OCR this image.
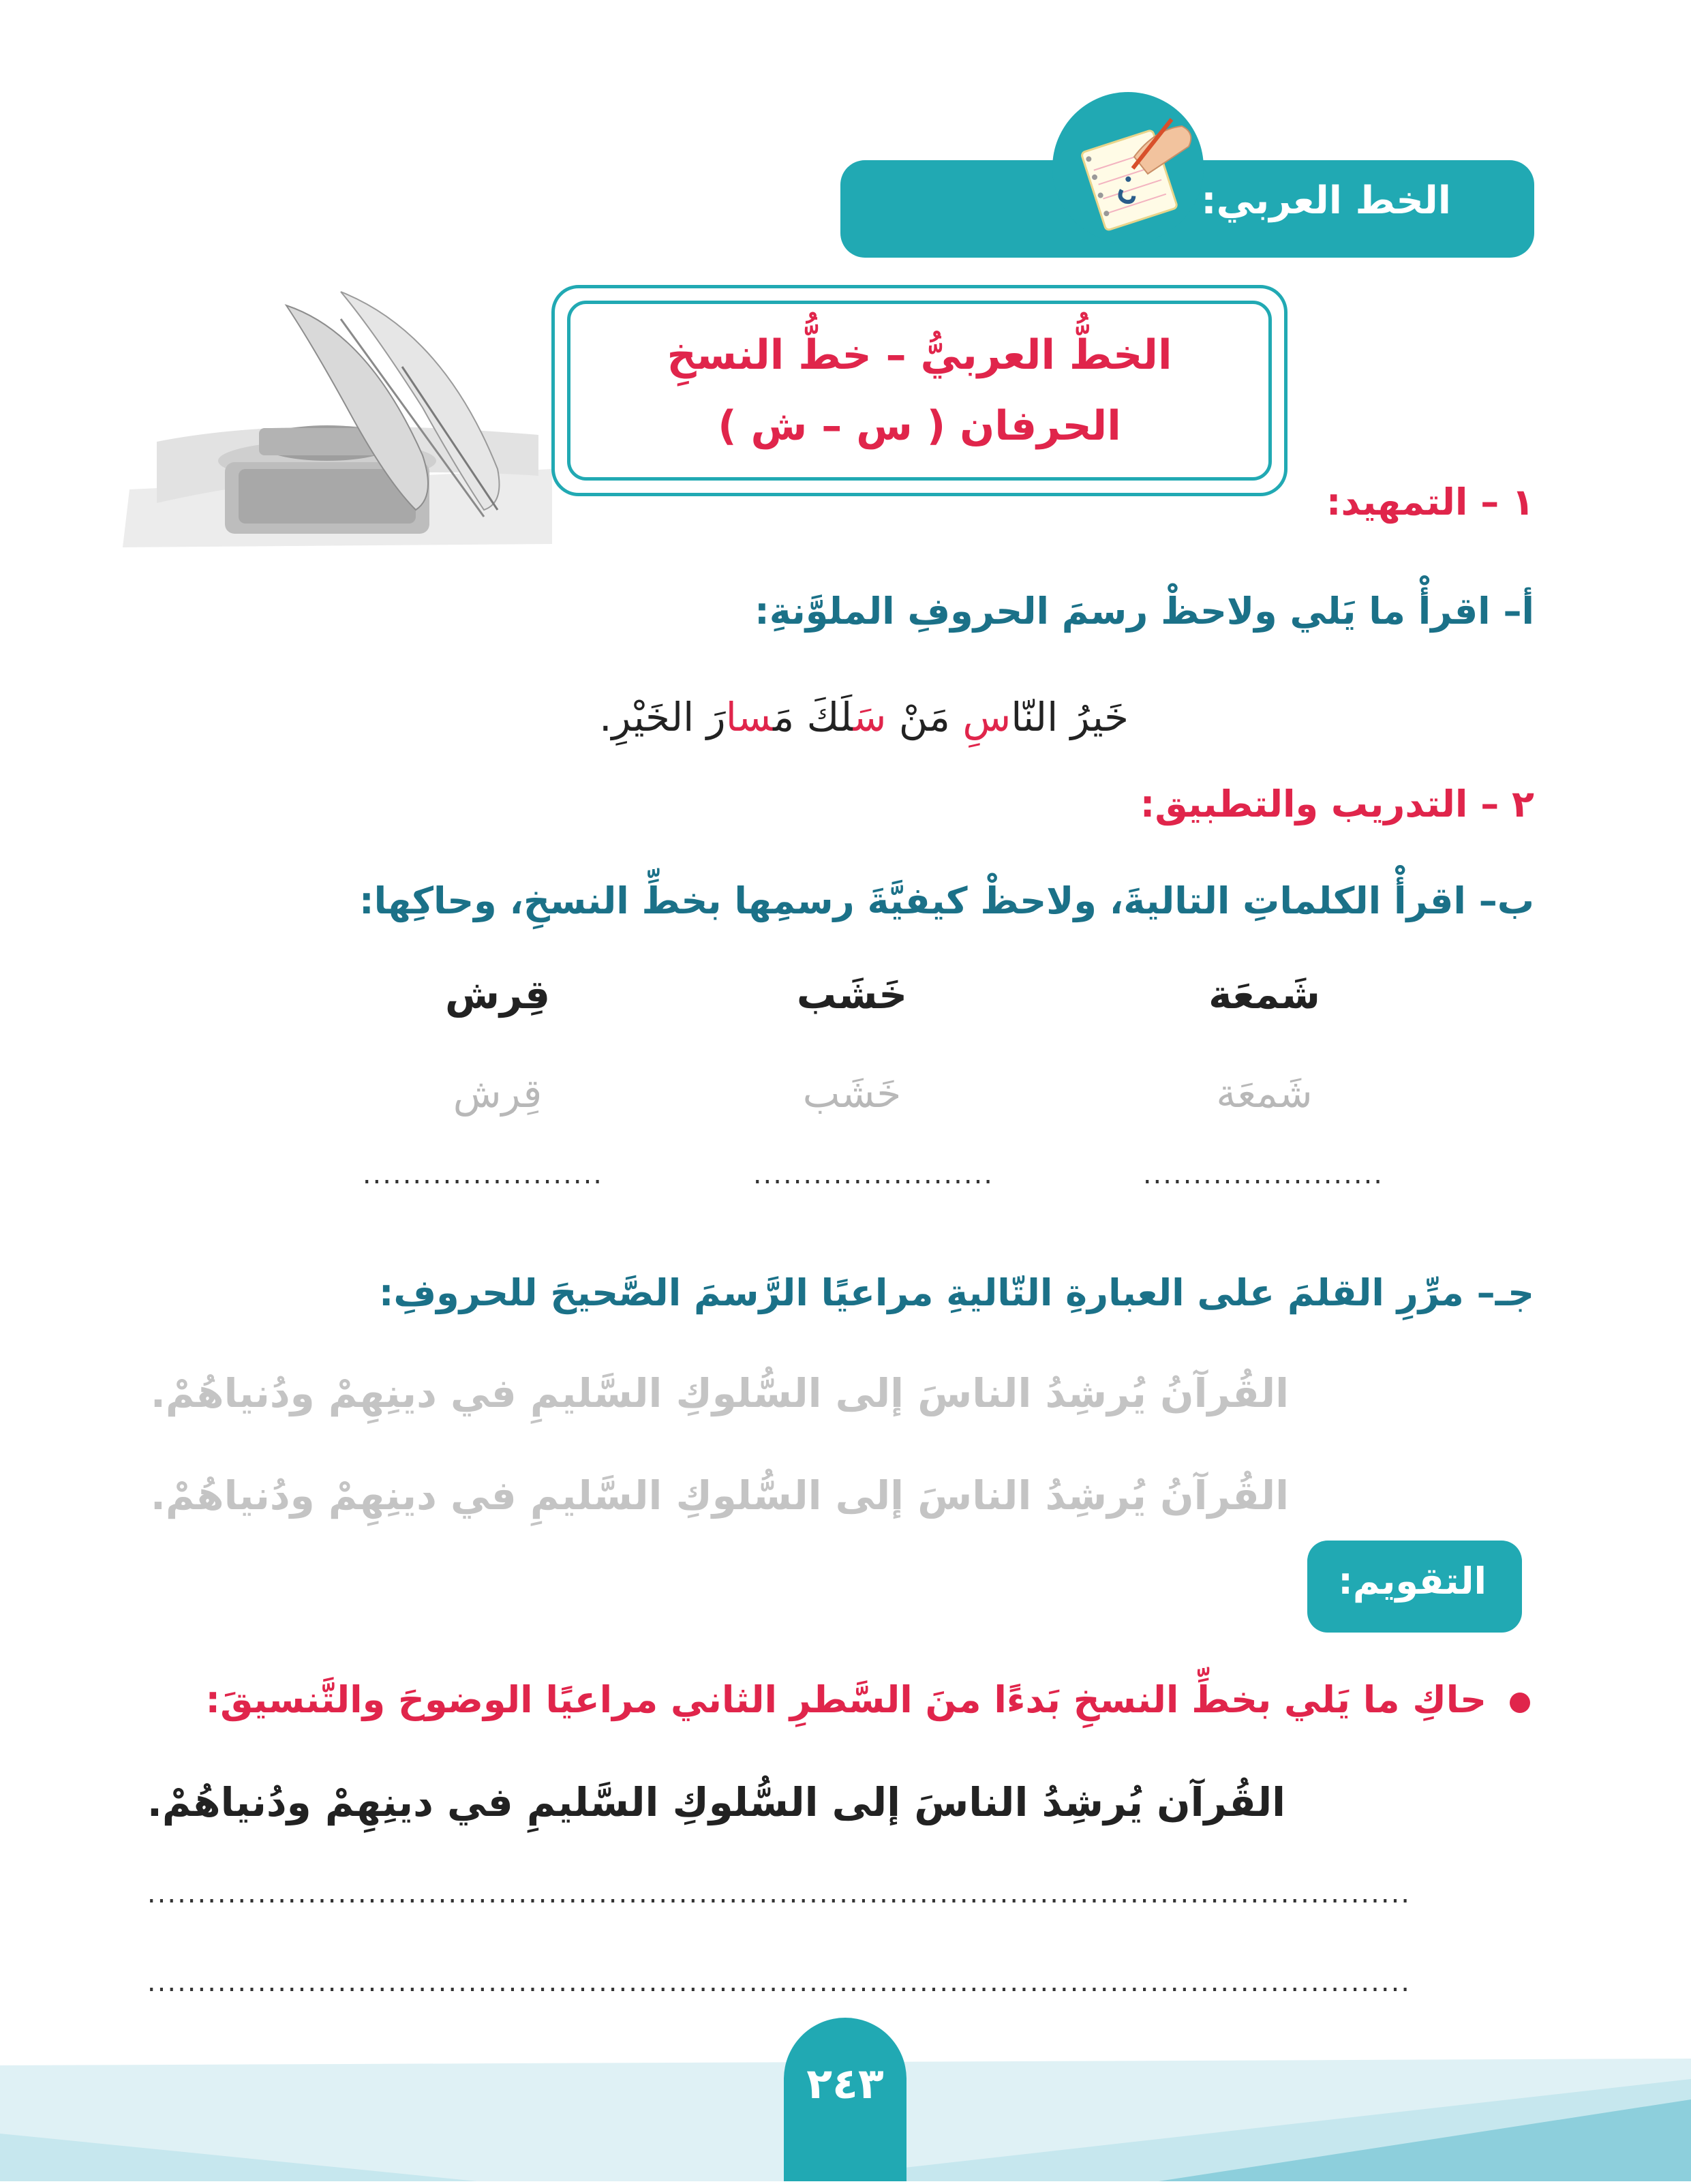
الخط العربي:
الخطُّ العربيُّ – خطُّ النسخِ
الحرفان ( س – ش )
١ – التمهيد:
أ– اقرأْ ما يَلي ولاحظْ رسمَ الحروفِ الملوَّنةِ:
خَيرُ النّاسِ مَنْ سَلَكَ مَسارَ الخَيْرِ.
٢ – التدريب والتطبيق:
ب– اقرأْ الكلماتِ التاليةَ، ولاحظْ كيفيَّةَ رسمِها بخطِّ النسخِ، وحاكِها:
شَمعَة
خَشَب
قِرش
شَمعَة
خَشَب
قِرش
........................
........................
........................
جـ– مرِّرِ القلمَ على العبارةِ التّاليةِ مراعيًا الرَّسمَ الصَّحيحَ للحروفِ:
القُرآنُ يُرشِدُ الناسَ إلى السُّلوكِ السَّليمِ في دينِهِمْ ودُنياهُمْ.
القُرآنُ يُرشِدُ الناسَ إلى السُّلوكِ السَّليمِ في دينِهِمْ ودُنياهُمْ.
التقويم:
حاكِ ما يَلي بخطِّ النسخِ بَدءًا منَ السَّطرِ الثاني مراعيًا الوضوحَ والتَّنسيقَ:
القُرآن يُرشِدُ الناسَ إلى السُّلوكِ السَّليمِ في دينِهِمْ ودُنياهُمْ.
..............................................................................................................................
..............................................................................................................................
٢٤٣
